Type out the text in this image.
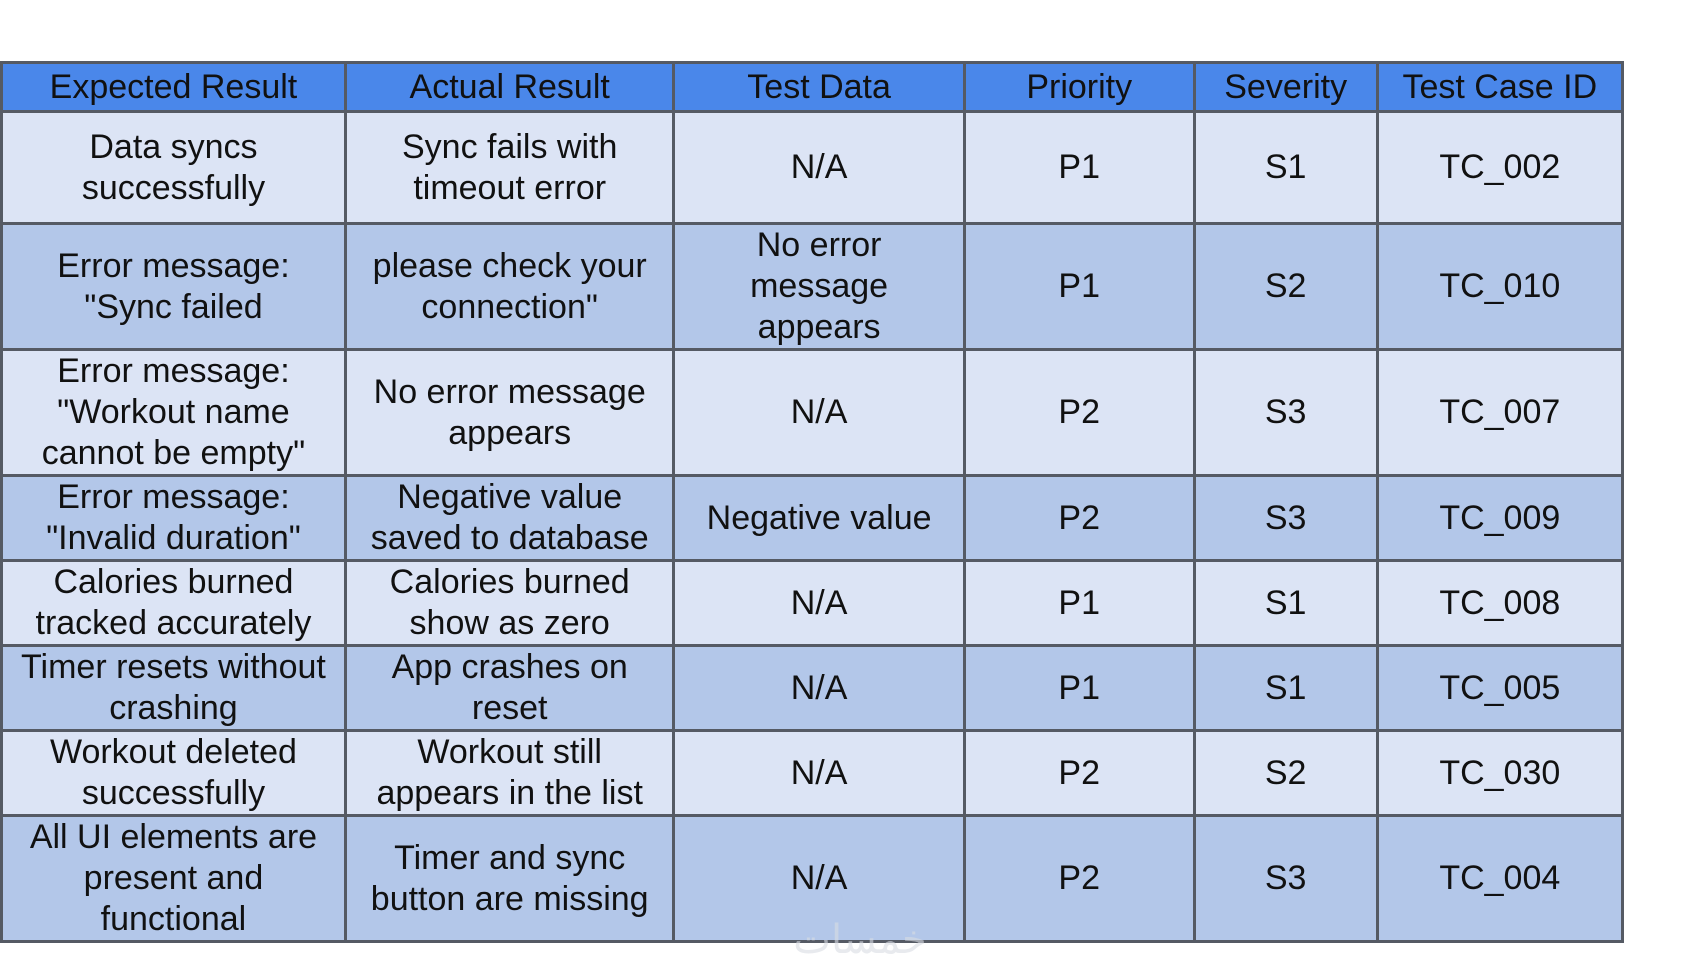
Expected Result	Actual Result	Test Data	Priority	Severity	Test Case ID

Data syncs
successfully	Sync fails with
timeout error	N/A	P1	S1	TC_002

Error message:
"Sync failed	please check your
connection"	No error
message
appears	P1	S2	TC_010

Error message:
"Workout name
cannot be empty"	No error message
appears	N/A	P2	S3	TC_007

Error message:
"Invalid duration"	Negative value
saved to database	Negative value	P2	S3	TC_009

Calories burned
tracked accurately	Calories burned
show as zero	N/A	P1	S1	TC_008

Timer resets without
crashing	App crashes on
reset	N/A	P1	S1	TC_005

Workout deleted
successfully	Workout still
appears in the list	N/A	P2	S2	TC_030

All UI elements are
present and
functional	Timer and sync
button are missing	N/A	P2	S3	TC_004
خمسات
